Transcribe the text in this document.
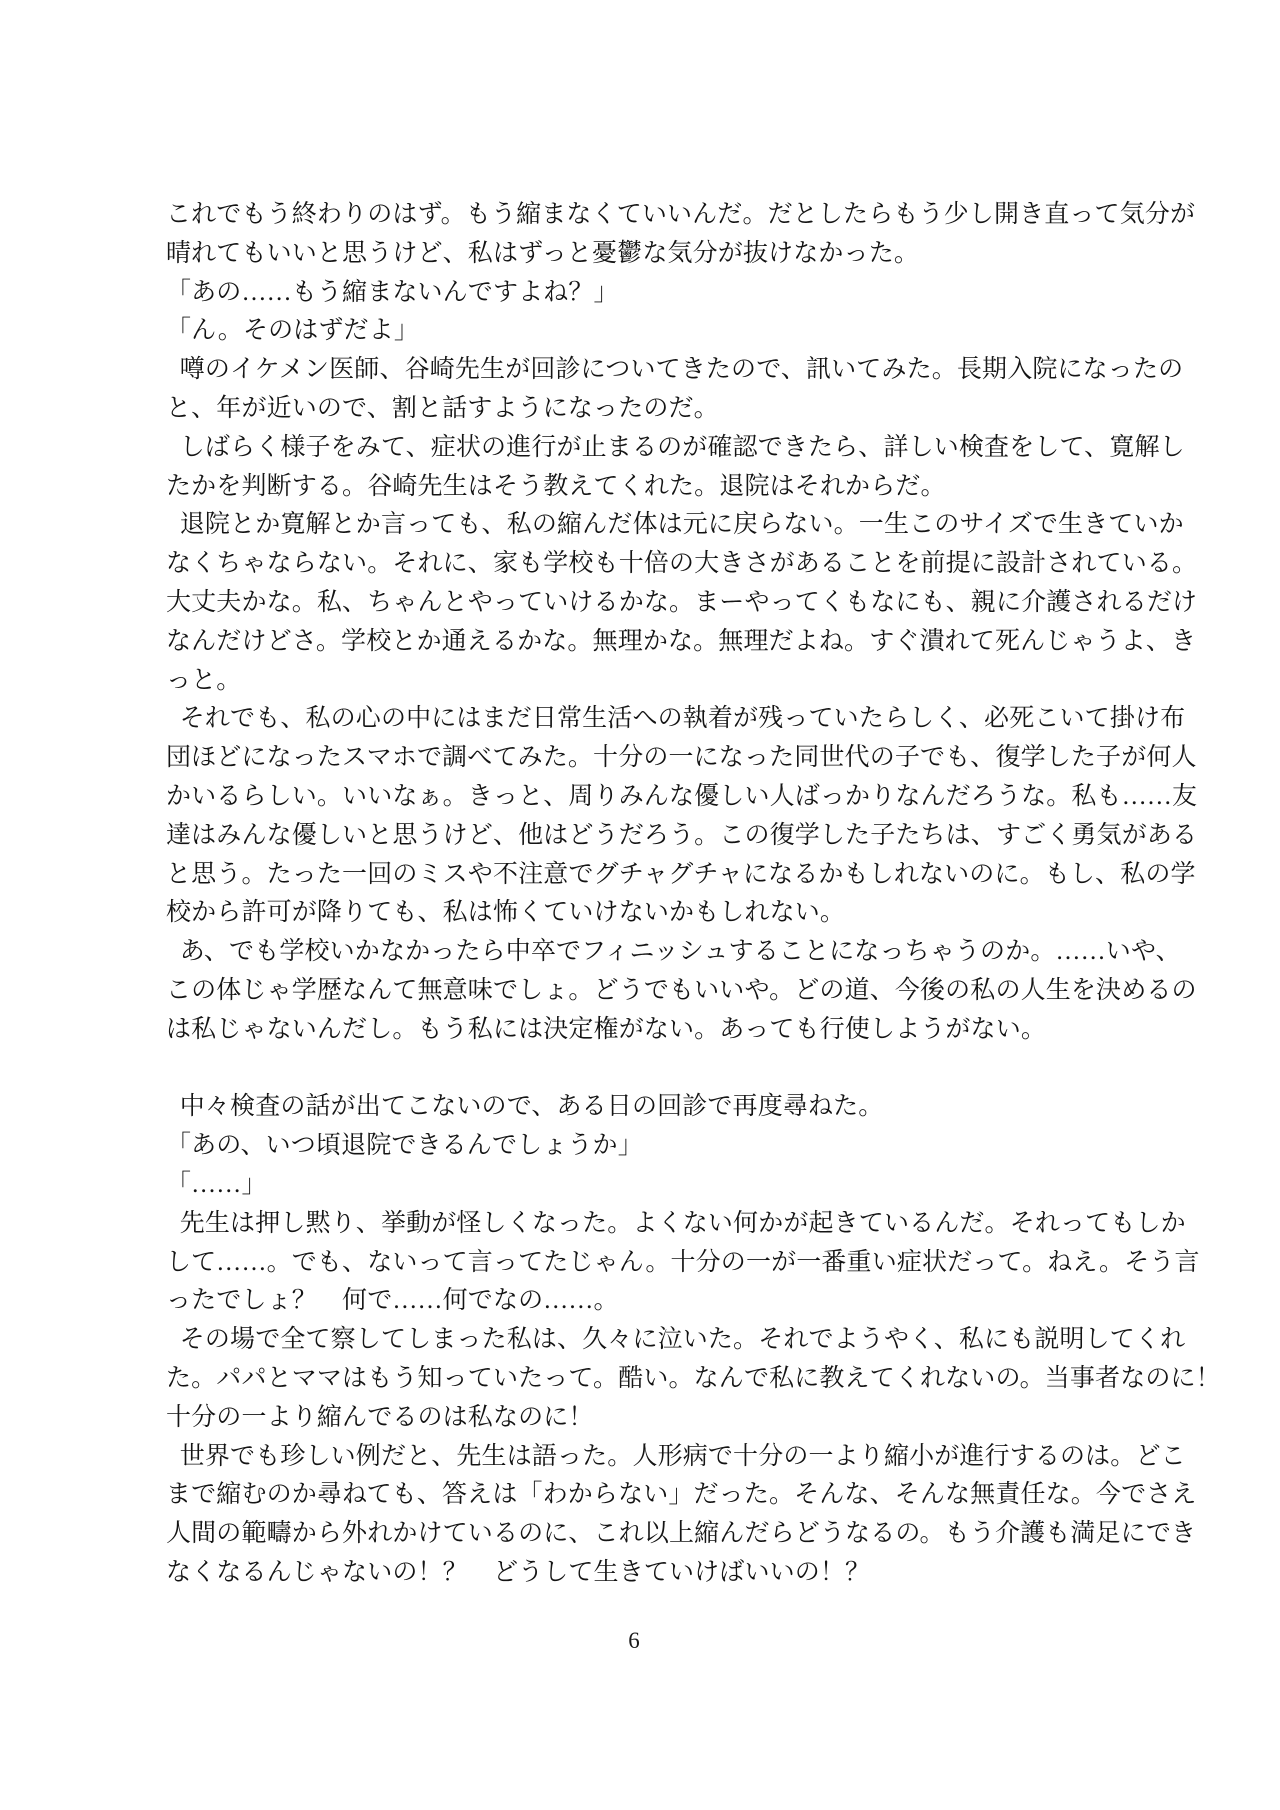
これでもう終わりのはず。もう縮まなくていいんだ。だとしたらもう少し開き直って気分が
晴れてもいいと思うけど、私はずっと憂鬱な気分が抜けなかった。
「あの……もう縮まないんですよね？」
「ん。そのはずだよ」
噂のイケメン医師、谷崎先生が回診についてきたので、訊いてみた。長期入院になったの
と、年が近いので、割と話すようになったのだ。
しばらく様子をみて、症状の進行が止まるのが確認できたら、詳しい検査をして、寛解し
たかを判断する。谷崎先生はそう教えてくれた。退院はそれからだ。
退院とか寛解とか言っても、私の縮んだ体は元に戻らない。一生このサイズで生きていか
なくちゃならない。それに、家も学校も十倍の大きさがあることを前提に設計されている。
大丈夫かな。私、ちゃんとやっていけるかな。まーやってくもなにも、親に介護されるだけ
なんだけどさ。学校とか通えるかな。無理かな。無理だよね。すぐ潰れて死んじゃうよ、き
っと。
それでも、私の心の中にはまだ日常生活への執着が残っていたらしく、必死こいて掛け布
団ほどになったスマホで調べてみた。十分の一になった同世代の子でも、復学した子が何人
かいるらしい。いいなぁ。きっと、周りみんな優しい人ばっかりなんだろうな。私も……友
達はみんな優しいと思うけど、他はどうだろう。この復学した子たちは、すごく勇気がある
と思う。たった一回のミスや不注意でグチャグチャになるかもしれないのに。もし、私の学
校から許可が降りても、私は怖くていけないかもしれない。
あ、でも学校いかなかったら中卒でフィニッシュすることになっちゃうのか。……いや、
この体じゃ学歴なんて無意味でしょ。どうでもいいや。どの道、今後の私の人生を決めるの
は私じゃないんだし。もう私には決定権がない。あっても行使しようがない。
中々検査の話が出てこないので、ある日の回診で再度尋ねた。
「あの、いつ頃退院できるんでしょうか」
「……」
先生は押し黙り、挙動が怪しくなった。よくない何かが起きているんだ。それってもしか
して……。でも、ないって言ってたじゃん。十分の一が一番重い症状だって。ねえ。そう言
ったでしょ？　何で……何でなの……。
その場で全て察してしまった私は、久々に泣いた。それでようやく、私にも説明してくれ
た。パパとママはもう知っていたって。酷い。なんで私に教えてくれないの。当事者なのに！
十分の一より縮んでるのは私なのに！
世界でも珍しい例だと、先生は語った。人形病で十分の一より縮小が進行するのは。どこ
まで縮むのか尋ねても、答えは「わからない」だった。そんな、そんな無責任な。今でさえ
人間の範疇から外れかけているのに、これ以上縮んだらどうなるの。もう介護も満足にでき
なくなるんじゃないの！？　どうして生きていけばいいの！？
6
